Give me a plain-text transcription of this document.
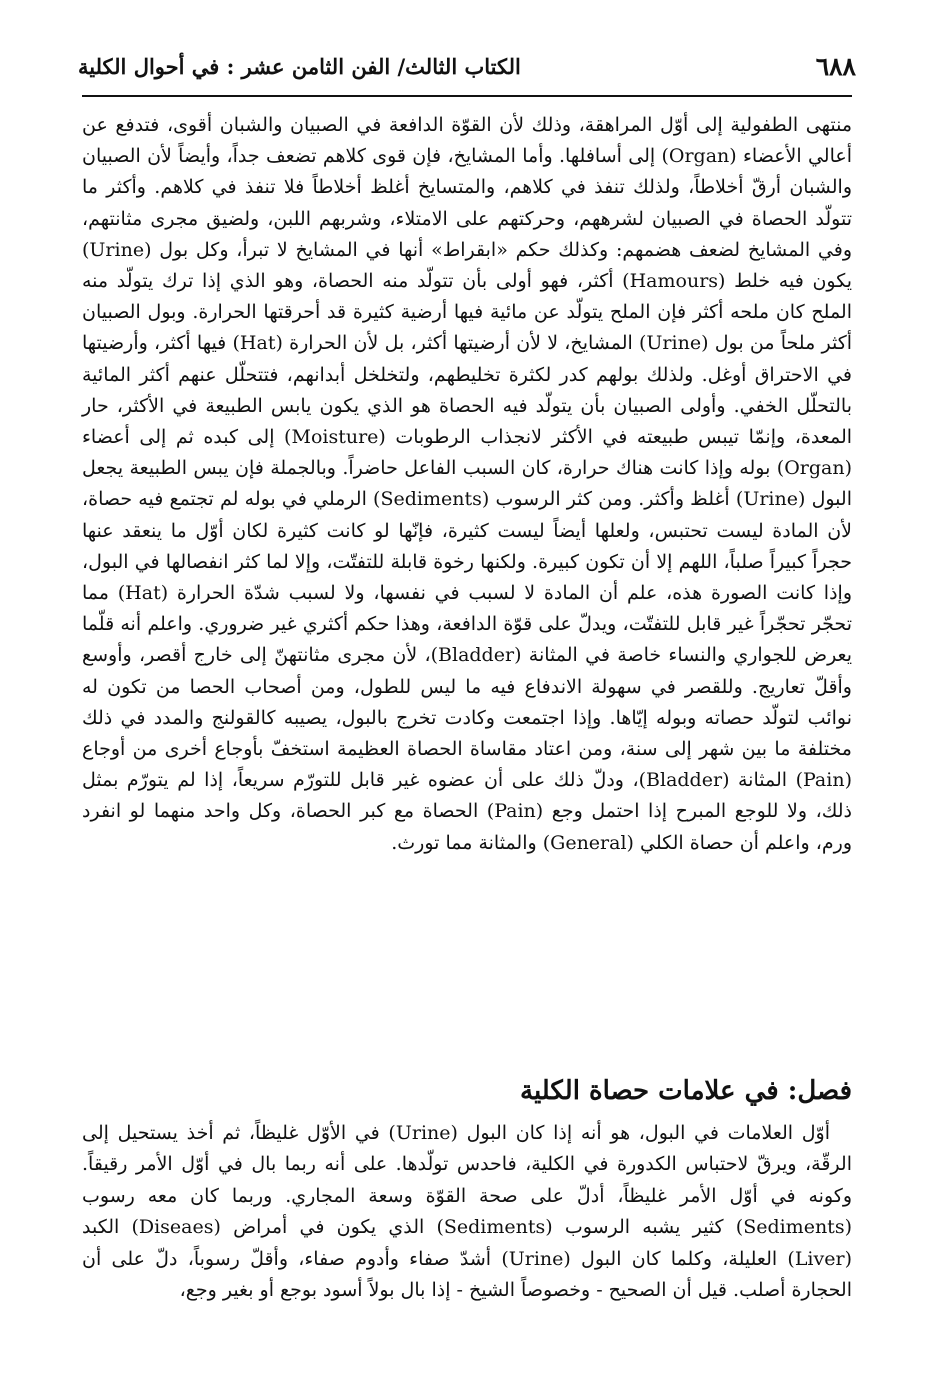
٦٨٨
الكتاب الثالث/ الفن الثامن عشر : في أحوال الكلية

منتهى الطفولية إلى أوّل المراهقة، وذلك لأن القوّة الدافعة في الصبيان والشبان أقوى، فتدفع عن أعالي الأعضاء (Organ) إلى أسافلها. وأما المشايخ، فإن قوى كلاهم تضعف جداً، وأيضاً لأن الصبيان والشبان أرقّ أخلاطاً، ولذلك تنفذ في كلاهم، والمتسايخ أغلظ أخلاطاً فلا تنفذ في كلاهم. وأكثر ما تتولّد الحصاة في الصبيان لشرههم، وحركتهم على الامتلاء، وشربهم اللبن، ولضيق مجرى مثانتهم، وفي المشايخ لضعف هضمهم: وكذلك حكم «ابقراط» أنها في المشايخ لا تبرأ، وكل بول (Urine) يكون فيه خلط (Hamours) أكثر، فهو أولى بأن تتولّد منه الحصاة، وهو الذي إذا ترك يتولّد منه الملح كان ملحه أكثر فإن الملح يتولّد عن مائية فيها أرضية كثيرة قد أحرقتها الحرارة. وبول الصبيان أكثر ملحاً من بول (Urine) المشايخ، لا لأن أرضيتها أكثر، بل لأن الحرارة (Hat) فيها أكثر، وأرضيتها في الاحتراق أوغل. ولذلك بولهم كدر لكثرة تخليطهم، ولتخلخل أبدانهم، فتتحلّل عنهم أكثر المائية بالتحلّل الخفي. وأولى الصبيان بأن يتولّد فيه الحصاة هو الذي يكون يابس الطبيعة في الأكثر، حار المعدة، وإنمّا تيبس طبيعته في الأكثر لانجذاب الرطوبات (Moisture) إلى كبده ثم إلى أعضاء (Organ) بوله وإذا كانت هناك حرارة، كان السبب الفاعل حاضراً. وبالجملة فإن يبس الطبيعة يجعل البول (Urine) أغلظ وأكثر. ومن كثر الرسوب (Sediments) الرملي في بوله لم تجتمع فيه حصاة، لأن المادة ليست تحتبس، ولعلها أيضاً ليست كثيرة، فإنّها لو كانت كثيرة لكان أوّل ما ينعقد عنها حجراً كبيراً صلباً، اللهم إلا أن تكون كبيرة. ولكنها رخوة قابلة للتفتّت، وإلا لما كثر انفصالها في البول، وإذا كانت الصورة هذه، علم أن المادة لا لسبب في نفسها، ولا لسبب شدّة الحرارة (Hat) مما تحجّر تحجّراً غير قابل للتفتّت، ويدلّ على قوّة الدافعة، وهذا حكم أكثري غير ضروري. واعلم أنه قلّما يعرض للجواري والنساء خاصة في المثانة (Bladder)، لأن مجرى مثانتهنّ إلى خارج أقصر، وأوسع وأقلّ تعاريج. وللقصر في سهولة الاندفاع فيه ما ليس للطول، ومن أصحاب الحصا من تكون له نوائب لتولّد حصاته وبوله إيّاها. وإذا اجتمعت وكادت تخرج بالبول، يصيبه كالقولنج والمدد في ذلك مختلفة ما بين شهر إلى سنة، ومن اعتاد مقاساة الحصاة العظيمة استخفّ بأوجاع أخرى من أوجاع (Pain) المثانة (Bladder)، ودلّ ذلك على أن عضوه غير قابل للتورّم سريعاً، إذا لم يتورّم بمثل ذلك، ولا للوجع المبرح إذا احتمل وجع (Pain) الحصاة مع كبر الحصاة، وكل واحد منهما لو انفرد ورم، واعلم أن حصاة الكلي (General) والمثانة مما تورث.

فصل: في علامات حصاة الكلية

أوّل العلامات في البول، هو أنه إذا كان البول (Urine) في الأوّل غليظاً، ثم أخذ يستحيل إلى الرقّة، ويرقّ لاحتباس الكدورة في الكلية، فاحدس تولّدها. على أنه ربما بال في أوّل الأمر رقيقاً. وكونه في أوّل الأمر غليظاً، أدلّ على صحة القوّة وسعة المجاري. وربما كان معه رسوب (Sediments) كثير يشبه الرسوب (Sediments) الذي يكون في أمراض (Diseaes) الكبد (Liver) العليلة، وكلما كان البول (Urine) أشدّ صفاء وأدوم صفاء، وأقلّ رسوباً، دلّ على أن الحجارة أصلب. قيل أن الصحيح - وخصوصاً الشيخ - إذا بال بولاً أسود بوجع أو بغير وجع،
